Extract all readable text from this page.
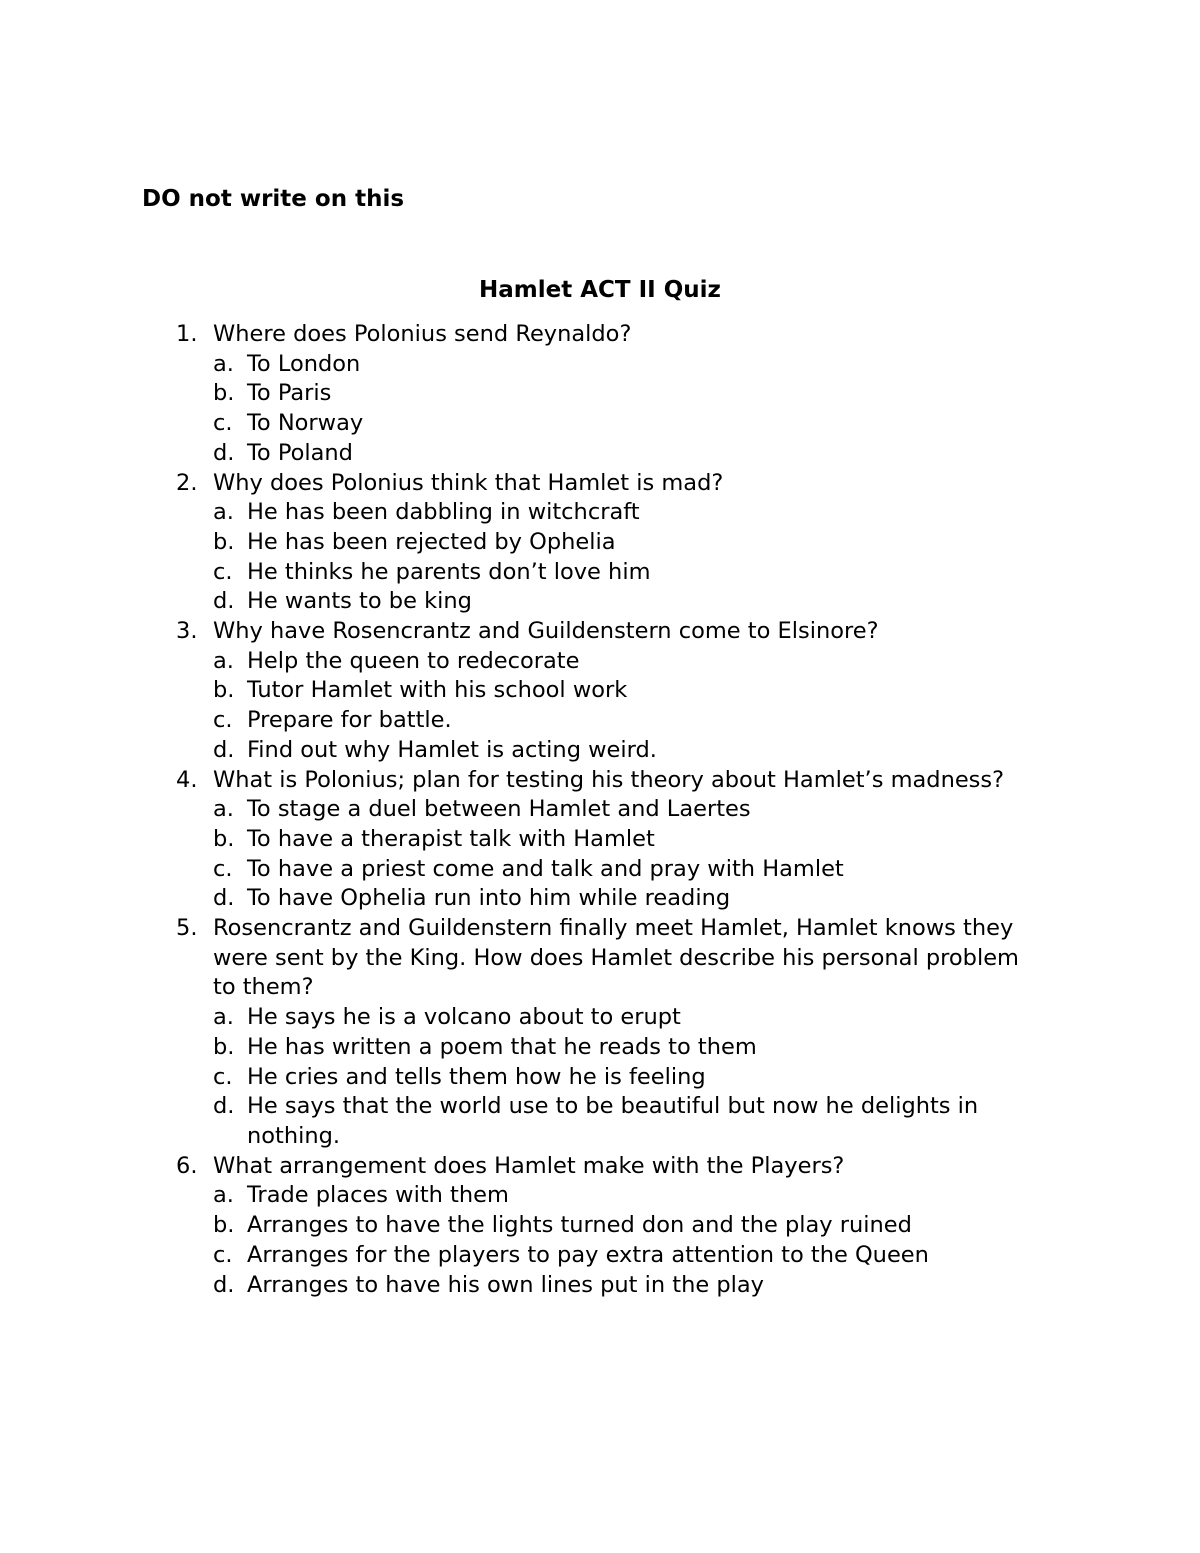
DO not write on this
Hamlet ACT II Quiz
1. Where does Polonius send Reynaldo?
a. To London
b. To Paris
c. To Norway
d. To Poland
2. Why does Polonius think that Hamlet is mad?
a. He has been dabbling in witchcraft
b. He has been rejected by Ophelia
c. He thinks he parents don’t love him
d. He wants to be king
3. Why have Rosencrantz and Guildenstern come to Elsinore?
a. Help the queen to redecorate
b. Tutor Hamlet with his school work
c. Prepare for battle.
d. Find out why Hamlet is acting weird.
4. What is Polonius; plan for testing his theory about Hamlet’s madness?
a. To stage a duel between Hamlet and Laertes
b. To have a therapist talk with Hamlet
c. To have a priest come and talk and pray with Hamlet
d. To have Ophelia run into him while reading
5. Rosencrantz and Guildenstern finally meet Hamlet, Hamlet knows they
were sent by the King. How does Hamlet describe his personal problem
to them?
a. He says he is a volcano about to erupt
b. He has written a poem that he reads to them
c. He cries and tells them how he is feeling
d. He says that the world use to be beautiful but now he delights in
nothing.
6. What arrangement does Hamlet make with the Players?
a. Trade places with them
b. Arranges to have the lights turned don and the play ruined
c. Arranges for the players to pay extra attention to the Queen
d. Arranges to have his own lines put in the play
